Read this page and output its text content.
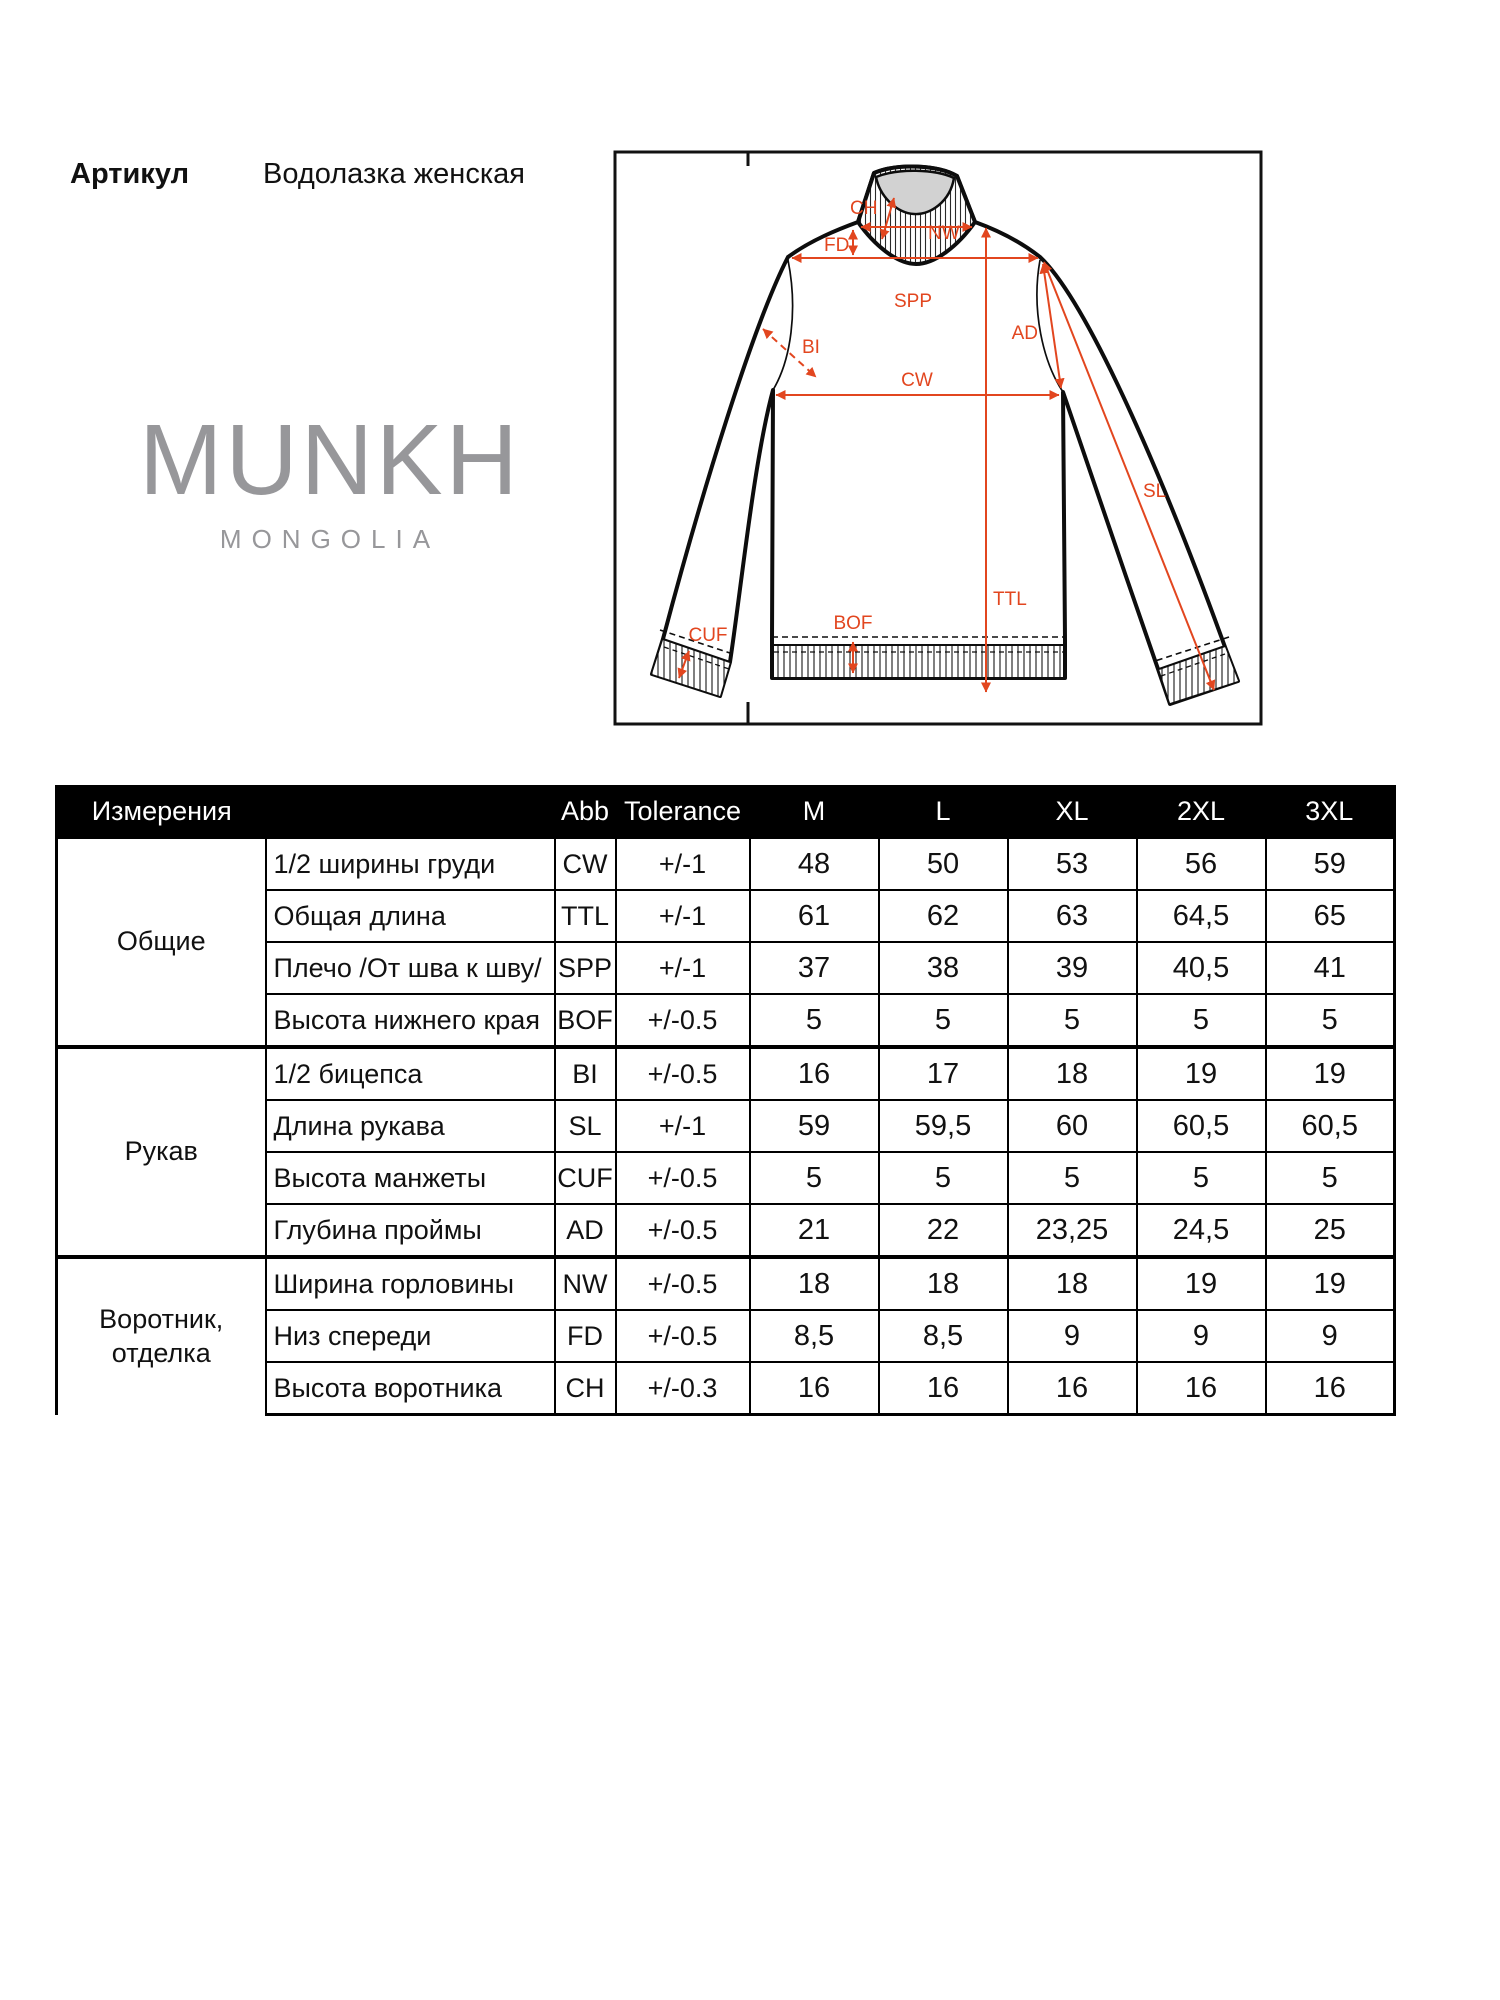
Артикул	Водолазка женская
MUNKH
MONGOLIA
CH
NW
FD
SPP
BI
CW
AD
SL
TTL
BOF
CUF
Измерения		Abb	Tolerance	M	L	XL	2XL	3XL
Общие	1/2 ширины груди	CW	+/-1	48	50	53	56	59
	Общая длина	TTL	+/-1	61	62	63	64,5	65
	Плечо /От шва к шву/	SPP	+/-1	37	38	39	40,5	41
	Высота нижнего края	BOF	+/-0.5	5	5	5	5	5
Рукав	1/2 бицепса	BI	+/-0.5	16	17	18	19	19
	Длина рукава	SL	+/-1	59	59,5	60	60,5	60,5
	Высота манжеты	CUF	+/-0.5	5	5	5	5	5
	Глубина проймы	AD	+/-0.5	21	22	23,25	24,5	25
Воротник, отделка	Ширина горловины	NW	+/-0.5	18	18	18	19	19
	Низ спереди	FD	+/-0.5	8,5	8,5	9	9	9
	Высота воротника	CH	+/-0.3	16	16	16	16	16
